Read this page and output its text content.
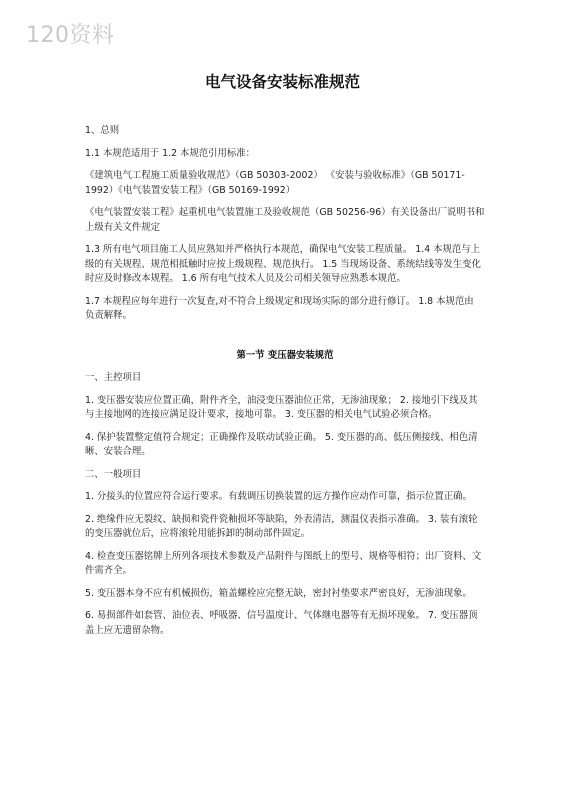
120资料
电气设备安装标准规范

1、总则

1.1 本规范适用于 1.2 本规范引用标准：

《建筑电气工程施工质量验收规范》（GB 50303-2002） 《安装与验收标准》（GB 50171-1992）《电气装置安装工程》（GB 50169-1992）

《电气装置安装工程》起重机电气装置施工及验收规范（GB 50256-96）有关设备出厂说明书和上级有关文件规定

1.3 所有电气项目施工人员应熟知并严格执行本规范，确保电气安装工程质量。 1.4 本规范与上级的有关规程、规范相抵触时应按上级规程、规范执行。 1.5 当现场设备、系统结线等发生变化时应及时修改本规程。 1.6 所有电气技术人员及公司相关领导应熟悉本规范。

1.7 本规程应每年进行一次复查,对不符合上级规定和现场实际的部分进行修订。 1.8 本规范由 负责解释。

第一节 变压器安装规范

一、主控项目

1. 变压器安装应位置正确，附件齐全，油浸变压器油位正常，无渗油现象； 2. 接地引下线及其与主接地网的连接应满足设计要求，接地可靠。 3. 变压器的相关电气试验必须合格。

4. 保护装置整定值符合规定；正确操作及联动试验正确。 5. 变压器的高、低压侧接线、相色清晰、安装合理。

二、一般项目

1. 分接头的位置应符合运行要求。有载调压切换装置的远方操作应动作可靠，指示位置正确。

2. 绝缘件应无裂纹、缺损和瓷件瓷釉损坏等缺陷，外表清洁，测温仪表指示准确。 3. 装有滚轮的变压器就位后，应将滚轮用能拆卸的制动部件固定。

4. 检查变压器铭牌上所列各项技术参数及产品附件与图纸上的型号、规格等相符；出厂资料、文件需齐全。

5. 变压器本身不应有机械损伤，箱盖螺栓应完整无缺，密封衬垫要求严密良好，无渗油现象。

6. 易损部件如套管、油位表、呼吸器、信号温度计、气体继电器等有无损坏现象。 7. 变压器顶盖上应无遗留杂物。
